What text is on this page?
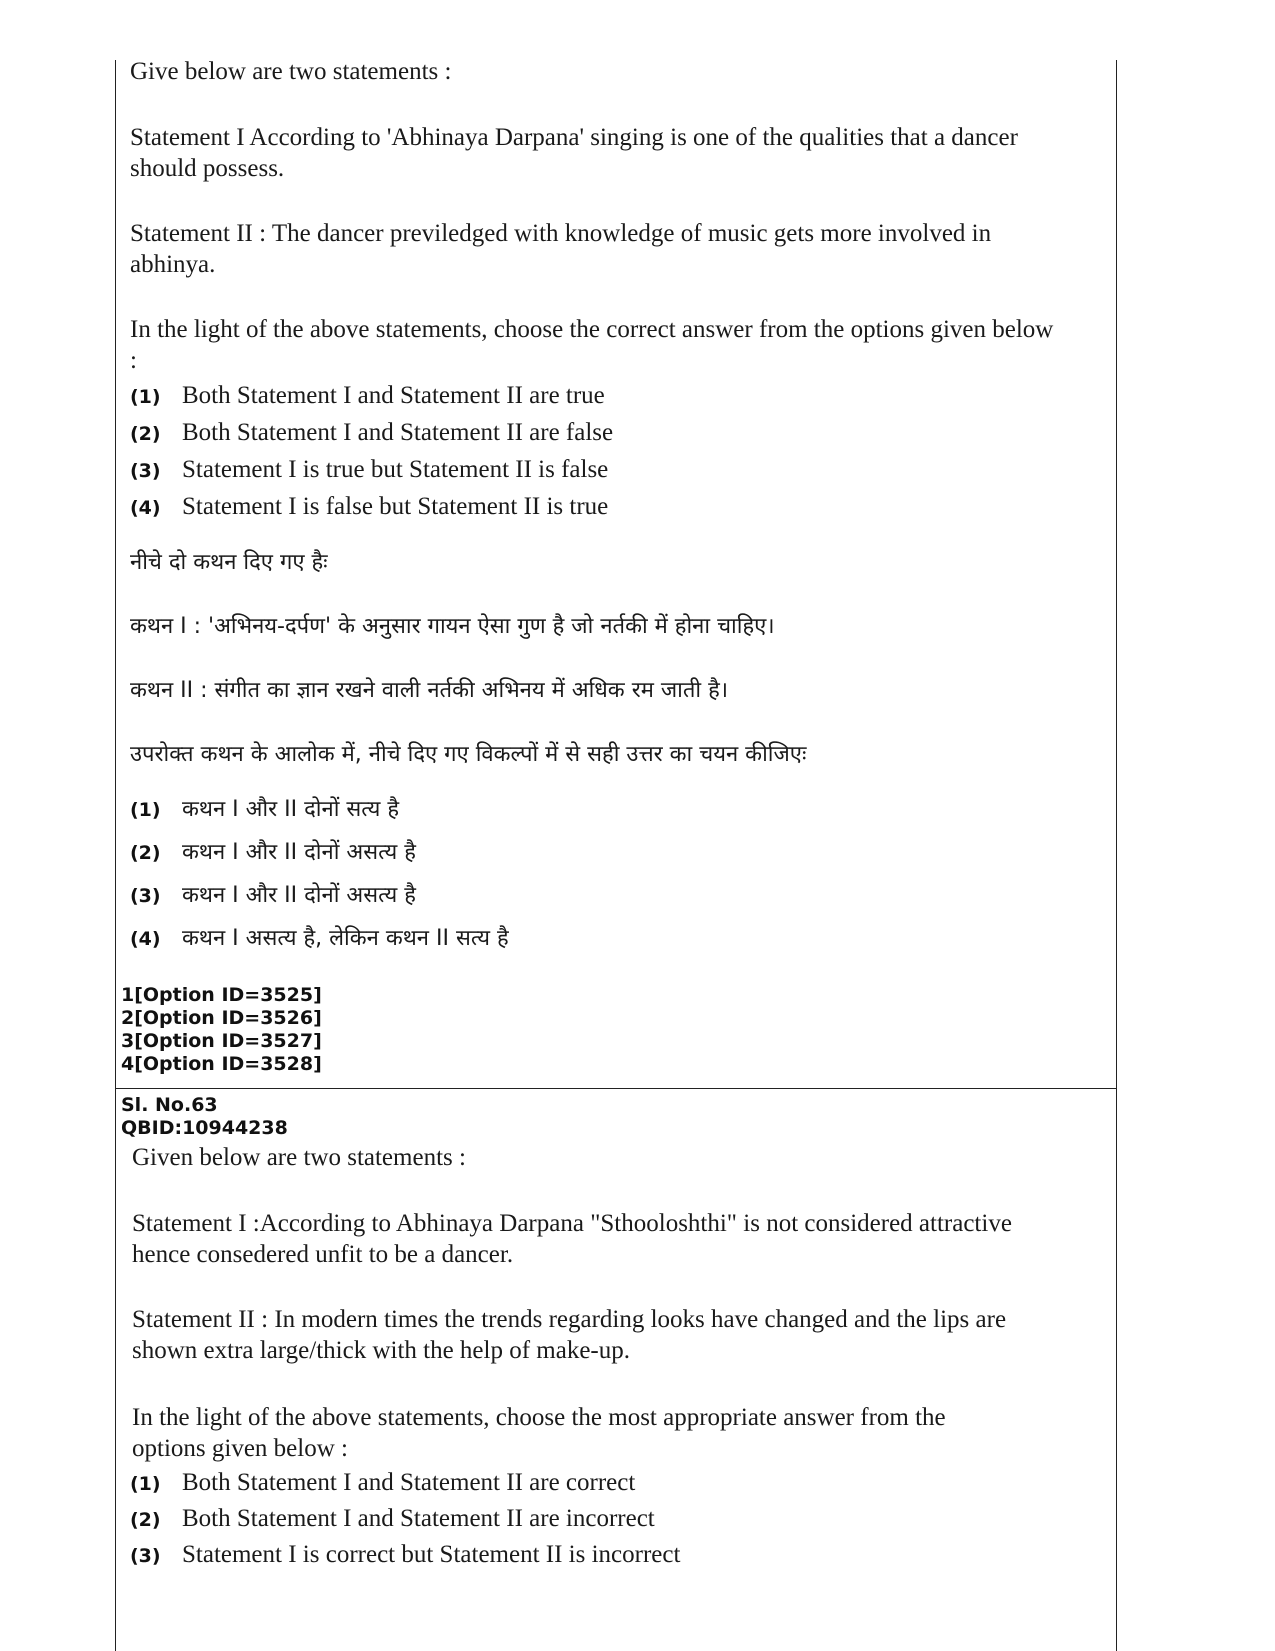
Give below are two statements :

Statement I According to 'Abhinaya Darpana' singing is one of the qualities that a dancer should possess.

Statement II : The dancer previledged with knowledge of music gets more involved in abhinya.

In the light of the above statements, choose the correct answer from the options given below :

(1) Both Statement I and Statement II are true
(2) Both Statement I and Statement II are false
(3) Statement I is true but Statement II is false
(4) Statement I is false but Statement II is true

नीचे दो कथन दिए गए हैः

कथन I : 'अभिनय-दर्पण' के अनुसार गायन ऐसा गुण है जो नर्तकी में होना चाहिए।

कथन II : संगीत का ज्ञान रखने वाली नर्तकी अभिनय में अधिक रम जाती है।

उपरोक्त कथन के आलोक में, नीचे दिए गए विकल्पों में से सही उत्तर का चयन कीजिएः

(1) कथन I और II दोनों सत्य है
(2) कथन I और II दोनों असत्य है
(3) कथन I और II दोनों असत्य है
(4) कथन I असत्य है, लेकिन कथन II सत्य है
1[Option ID=3525]
2[Option ID=3526]
3[Option ID=3527]
4[Option ID=3528]
Sl. No.63
QBID:10944238

Given below are two statements :

Statement I :According to Abhinaya Darpana "Sthooloshthi" is not considered attractive hence consedered unfit to be a dancer.

Statement II : In modern times the trends regarding looks have changed and the lips are shown extra large/thick with the help of make-up.

In the light of the above statements, choose the most appropriate answer from the options given below :

(1) Both Statement I and Statement II are correct
(2) Both Statement I and Statement II are incorrect
(3) Statement I is correct but Statement II is incorrect
